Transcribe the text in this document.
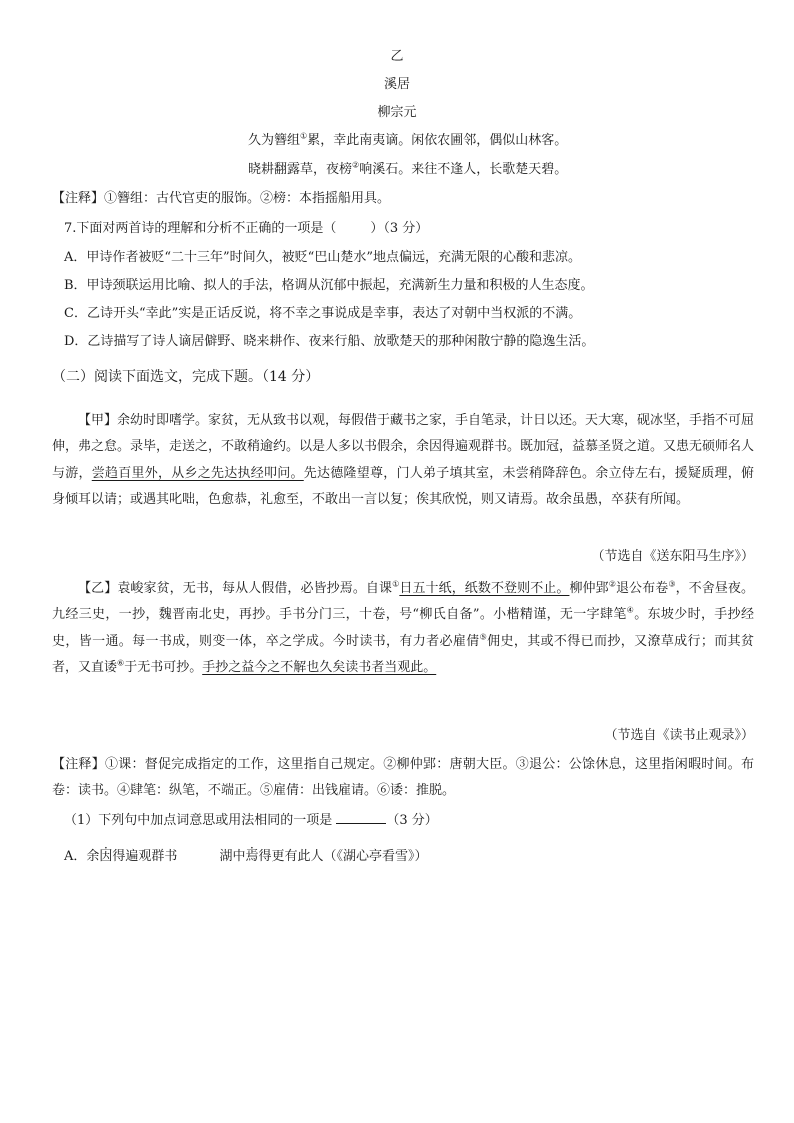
乙
溪居
柳宗元
久为簪组①累，幸此南夷谪。闲依农圃邻，偶似山林客。
晓耕翻露草，夜榜②响溪石。来往不逢人，长歌楚天碧。
【注释】①簪组：古代官吏的服饰。②榜：本指摇船用具。
7.下面对两首诗的理解和分析不正确的一项是（	）（3 分）
A．甲诗作者被贬“二十三年”时间久，被贬“巴山楚水”地点偏远，充满无限的心酸和悲凉。
B．甲诗颈联运用比喻、拟人的手法，格调从沉郁中振起，充满新生力量和积极的人生态度。
C．乙诗开头“幸此”实是正话反说，将不幸之事说成是幸事，表达了对朝中当权派的不满。
D．乙诗描写了诗人谪居僻野、晓来耕作、夜来行船、放歌楚天的那种闲散宁静的隐逸生活。
（二）阅读下面选文，完成下题。（14 分）
【甲】余幼时即嗜学。家贫，无从致书以观，每假借于藏书之家，手自笔录，计日以还。天大寒，砚冰坚，手指不可屈伸，弗之怠。录毕，走送之，不敢稍逾约。以是人多以书假余，余因得遍观群书。既加冠，益慕圣贤之道。又患无硕师名人与游，尝趋百里外，从乡之先达执经叩问。先达德隆望尊，门人弟子填其室，未尝稍降辞色。余立侍左右，援疑质理，俯身倾耳以请；或遇其叱咄，色愈恭，礼愈至，不敢出一言以复；俟其欣悦，则又请焉。故余虽愚，卒获有所闻。
（节选自《送东阳马生序》）
【乙】袁峻家贫，无书，每从人假借，必皆抄焉。自课①日五十纸，纸数不登则不止。柳仲郢②退公布卷③，不舍昼夜。九经三史，一抄，魏晋南北史，再抄。手书分门三，十卷，号“柳氏自备”。小楷精谨，无一字肆笔④。东坡少时，手抄经史，皆一通。每一书成，则变一体，卒之学成。今时读书，有力者必雇倩⑤佣史，其或不得已而抄，又潦草成行；而其贫者，又直诿⑥于无书可抄。手抄之益今之不解也久矣读书者当观此。
（节选自《读书止观录》）
【注释】①课：督促完成指定的工作，这里指自己规定。②柳仲郢：唐朝大臣。③退公：公馀休息，这里指闲暇时间。布卷：读书。④肆笔：纵笔，不端正。⑤雇倩：出钱雇请。⑥诿：推脱。
（1）下列句中加点词意思或用法相同的一项是	（3 分）
A．余因得遍观群书	湖中焉得更有此人（《湖心亭看雪》）
